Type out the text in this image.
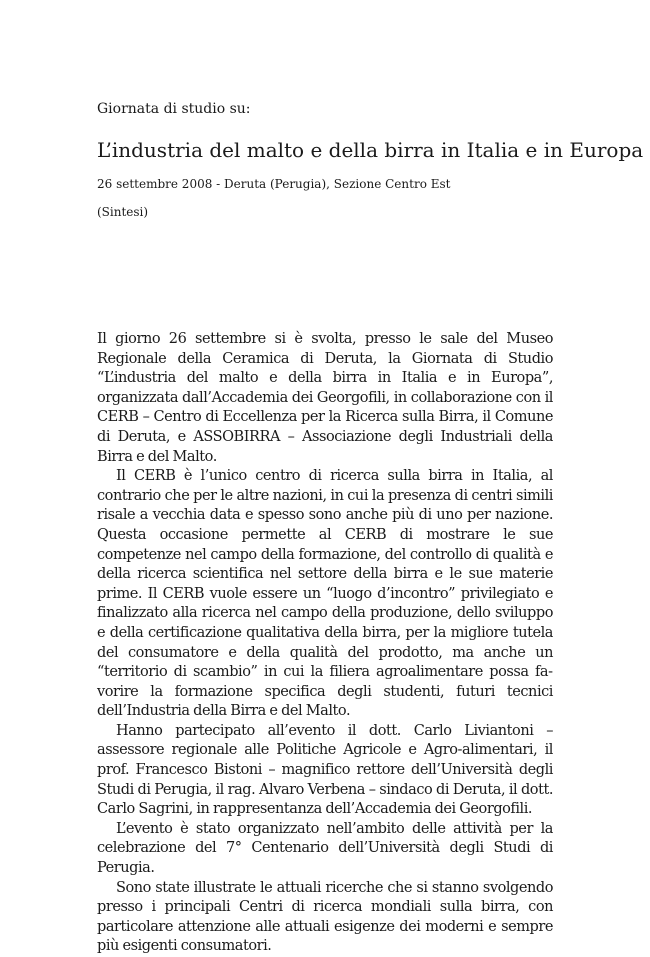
Giornata di studio su:
L’industria del malto e della birra in Italia e in Europa
26 settembre 2008 - Deruta (Perugia), Sezione Centro Est
(Sintesi)

Il giorno 26 settembre si è svolta, presso le sale del Museo Regionale della Ceramica di Deruta, la Giornata di Studio “L’industria del malto e della birra in Italia e in Europa”, organizzata dall’Accademia dei Georgofili, in collaborazione con il CERB – Centro di Eccellenza per la Ricerca sulla Birra, il Comune di Deruta, e ASSOBIRRA – Associazione degli Industriali della Birra e del Malto.

Il CERB è l’unico centro di ricerca sulla birra in Italia, al contrario che per le altre nazioni, in cui la presenza di centri simili risale a vecchia data e spesso sono anche più di uno per nazione. Questa occasione permette al CERB di mostrare le sue competenze nel campo della formazione, del controllo di qualità e della ricerca scientifica nel settore della birra e le sue materie prime. Il CERB vuole essere un “luogo d’incontro” privilegiato e finalizzato alla ricerca nel campo della produzione, dello sviluppo e della certificazione qualitativa della birra, per la migliore tutela del consumatore e della qualità del prodotto, ma anche un “territorio di scambio” in cui la filiera agroalimentare possa favorire la formazione specifica degli studenti, futuri tecnici dell’Industria della Birra e del Malto.

Hanno partecipato all’evento il dott. Carlo Liviantoni – assessore regionale alle Politiche Agricole e Agro-alimentari, il prof. Francesco Bistoni – magnifico rettore dell’Università degli Studi di Perugia, il rag. Alvaro Verbena – sindaco di Deruta, il dott. Carlo Sagrini, in rappresentanza dell’Accademia dei Georgofili.

L’evento è stato organizzato nell’ambito delle attività per la celebrazione del 7° Centenario dell’Università degli Studi di Perugia.

Sono state illustrate le attuali ricerche che si stanno svolgendo presso i principali Centri di ricerca mondiali sulla birra, con particolare attenzione alle attuali esigenze dei moderni e sempre più esigenti consumatori.
